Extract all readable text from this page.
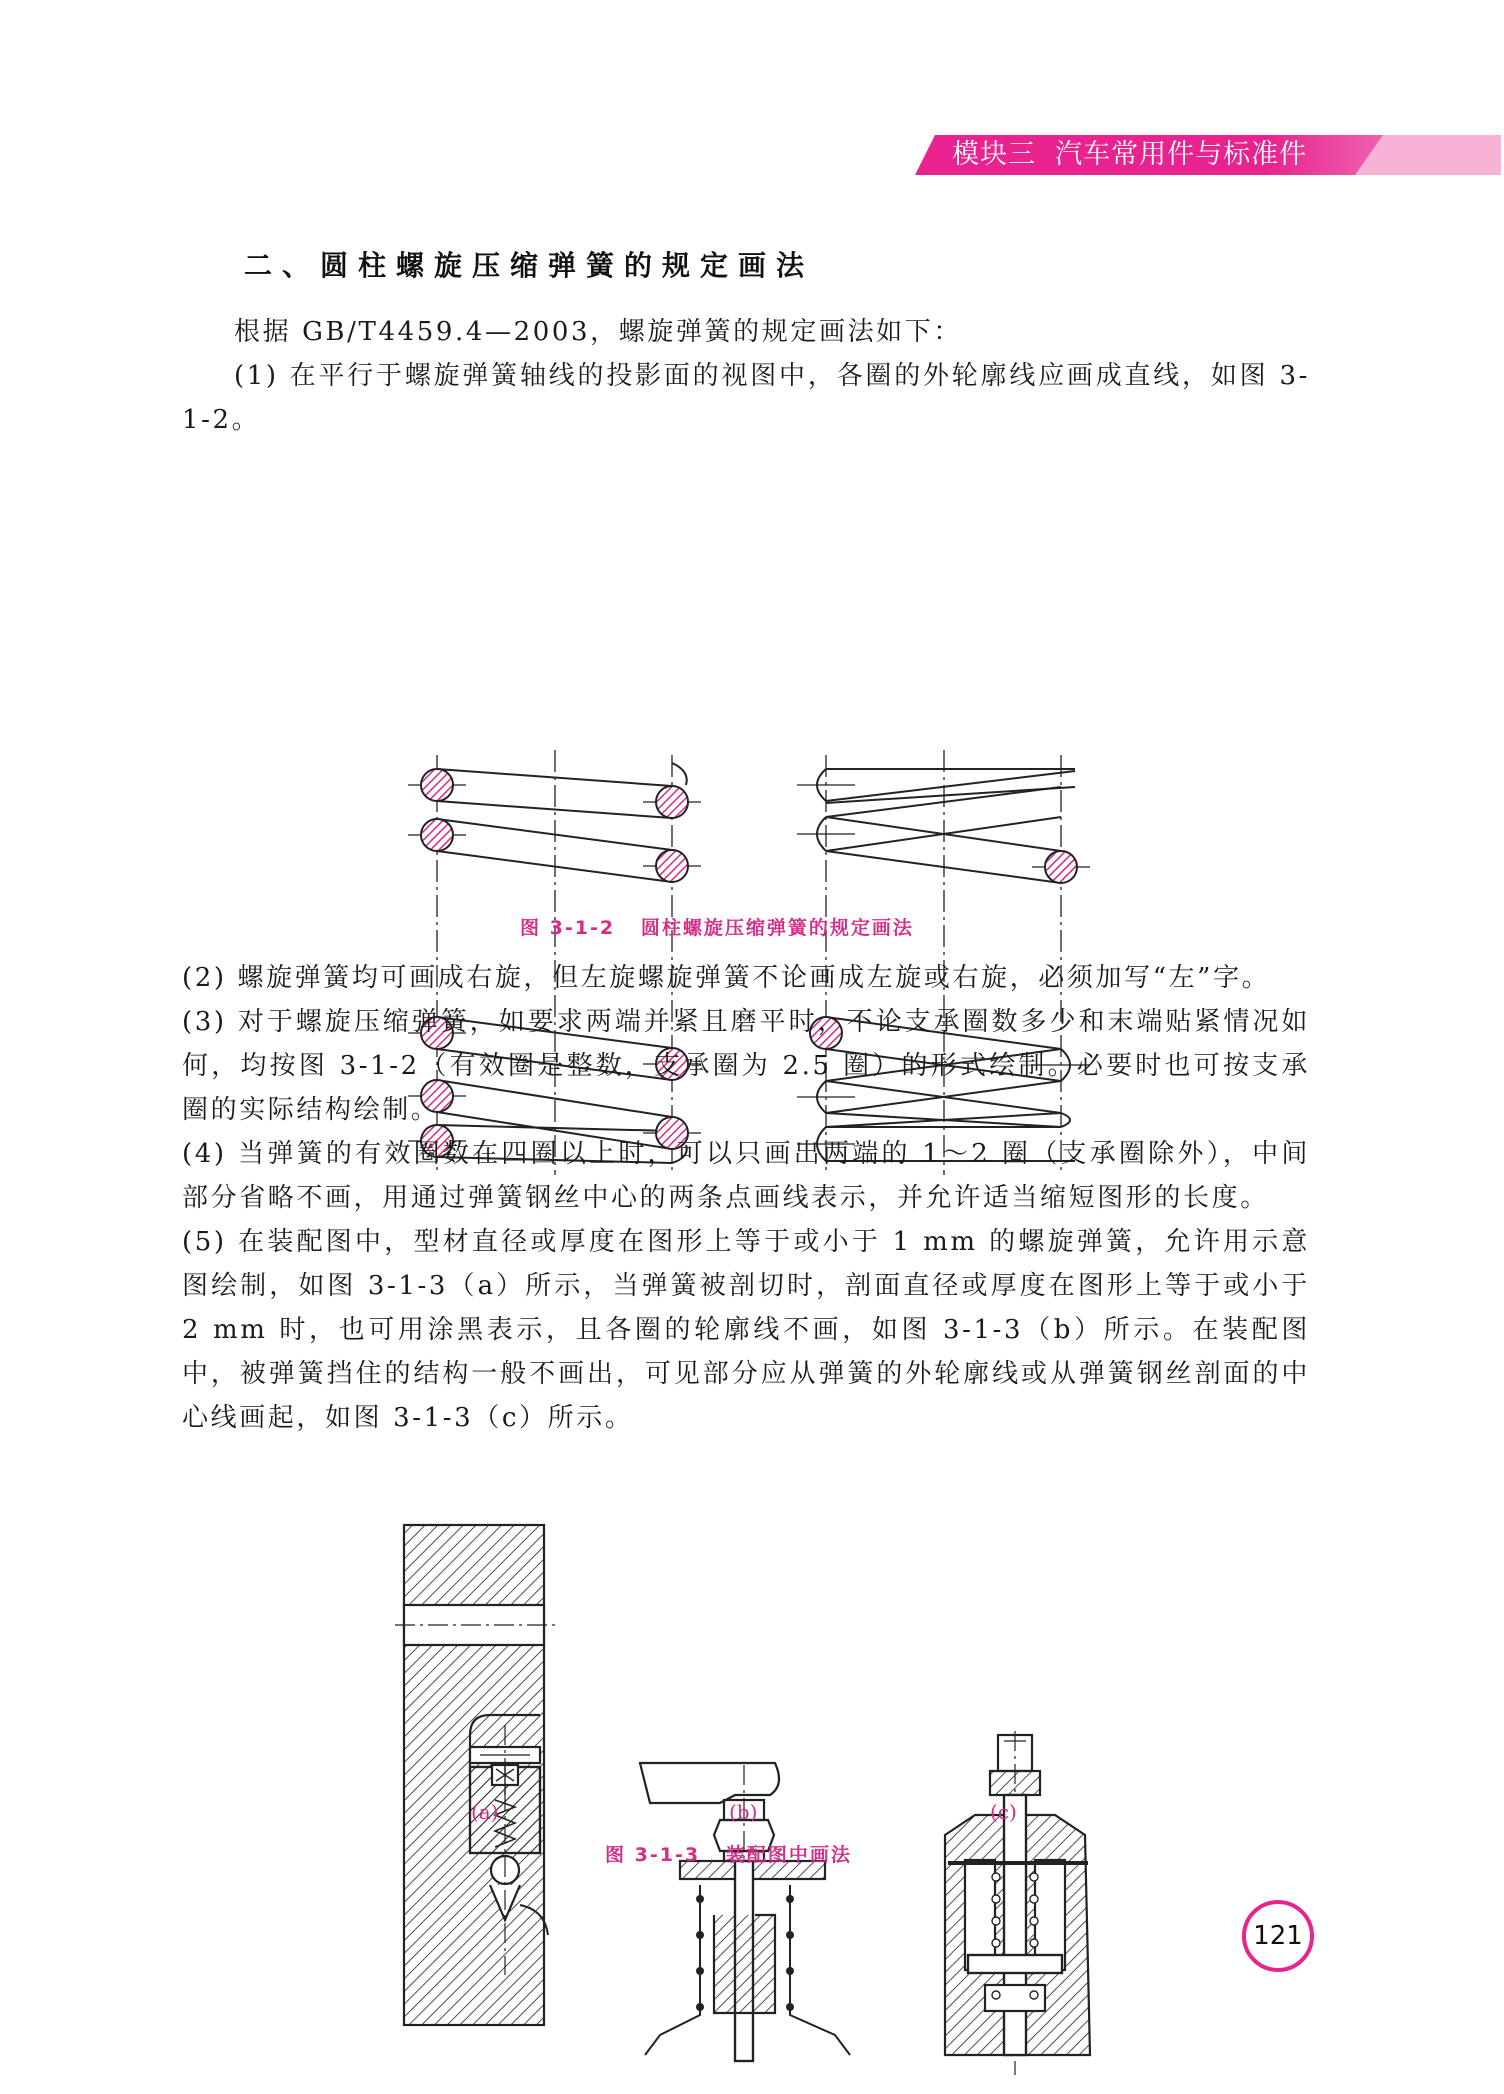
模块三 汽车常用件与标准件
二、圆柱螺旋压缩弹簧的规定画法
根据 GB/T4459.4—2003，螺旋弹簧的规定画法如下：
(1) 在平行于螺旋弹簧轴线的投影面的视图中，各圈的外轮廓线应画成直线，如图 3-1-2。
图 3-1-2   圆柱螺旋压缩弹簧的规定画法
(2) 螺旋弹簧均可画成右旋，但左旋螺旋弹簧不论画成左旋或右旋，必须加写“左”字。
(3) 对于螺旋压缩弹簧，如要求两端并紧且磨平时，不论支承圈数多少和末端贴紧情况如何，均按图 3-1-2（有效圈是整数，支承圈为 2.5 圈）的形式绘制。必要时也可按支承圈的实际结构绘制。
(4) 当弹簧的有效圈数在四圈以上时，可以只画出两端的 1～2 圈（支承圈除外），中间部分省略不画，用通过弹簧钢丝中心的两条点画线表示，并允许适当缩短图形的长度。
(5) 在装配图中，型材直径或厚度在图形上等于或小于 1 mm 的螺旋弹簧，允许用示意图绘制，如图 3-1-3（a）所示，当弹簧被剖切时，剖面直径或厚度在图形上等于或小于 2 mm 时，也可用涂黑表示，且各圈的轮廓线不画，如图 3-1-3（b）所示。在装配图中，被弹簧挡住的结构一般不画出，可见部分应从弹簧的外轮廓线或从弹簧钢丝剖面的中心线画起，如图 3-1-3（c）所示。
(a)	(b)	(c)
图 3-1-3   装配图中画法
121
